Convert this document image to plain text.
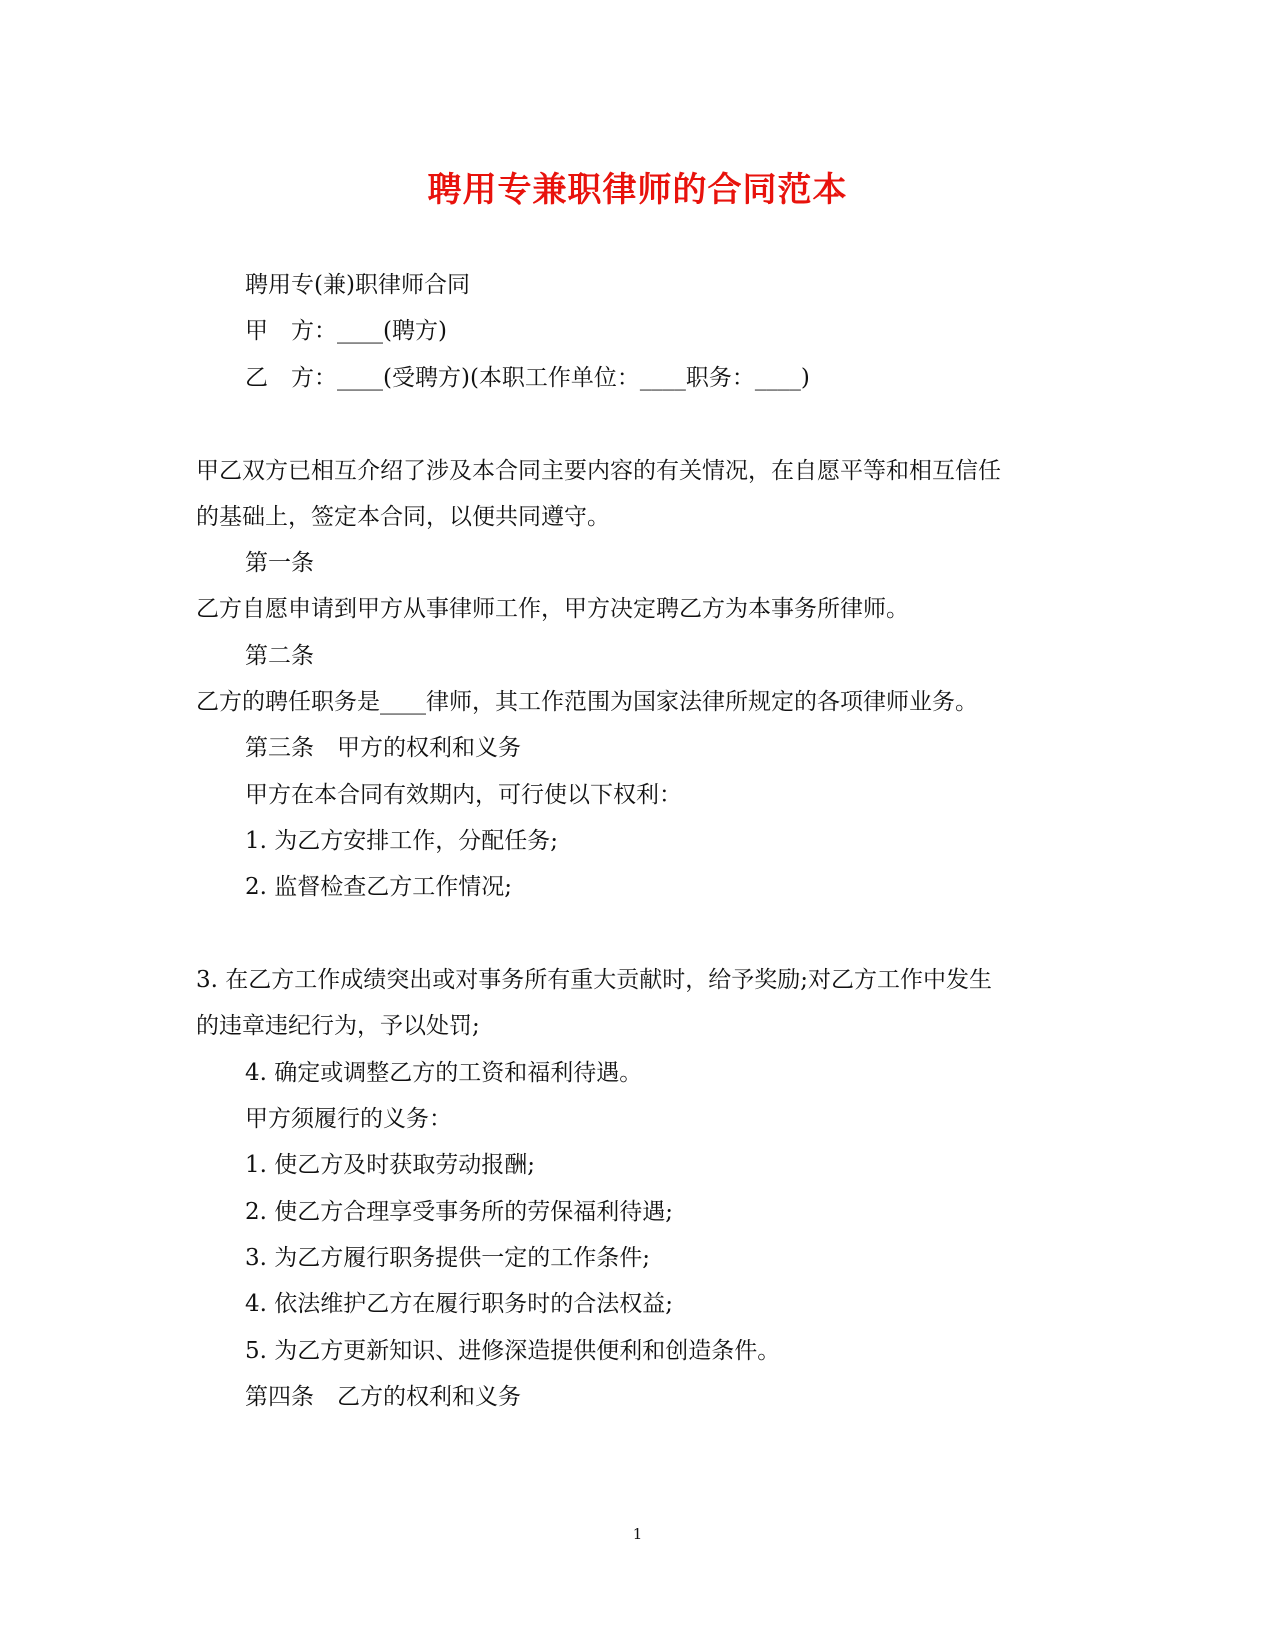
聘用专兼职律师的合同范本
聘用专(兼)职律师合同
甲　方：____(聘方)
乙　方：____(受聘方)(本职工作单位：____职务：____)
甲乙双方已相互介绍了涉及本合同主要内容的有关情况，在自愿平等和相互信任
的基础上，签定本合同，以便共同遵守。
第一条
乙方自愿申请到甲方从事律师工作，甲方决定聘乙方为本事务所律师。
第二条
乙方的聘任职务是____律师，其工作范围为国家法律所规定的各项律师业务。
第三条　甲方的权利和义务
甲方在本合同有效期内，可行使以下权利：
1. 为乙方安排工作，分配任务;
2. 监督检查乙方工作情况;
3. 在乙方工作成绩突出或对事务所有重大贡献时，给予奖励;对乙方工作中发生
的违章违纪行为，予以处罚;
4. 确定或调整乙方的工资和福利待遇。
甲方须履行的义务：
1. 使乙方及时获取劳动报酬;
2. 使乙方合理享受事务所的劳保福利待遇;
3. 为乙方履行职务提供一定的工作条件;
4. 依法维护乙方在履行职务时的合法权益;
5. 为乙方更新知识、进修深造提供便利和创造条件。
第四条　乙方的权利和义务
1
